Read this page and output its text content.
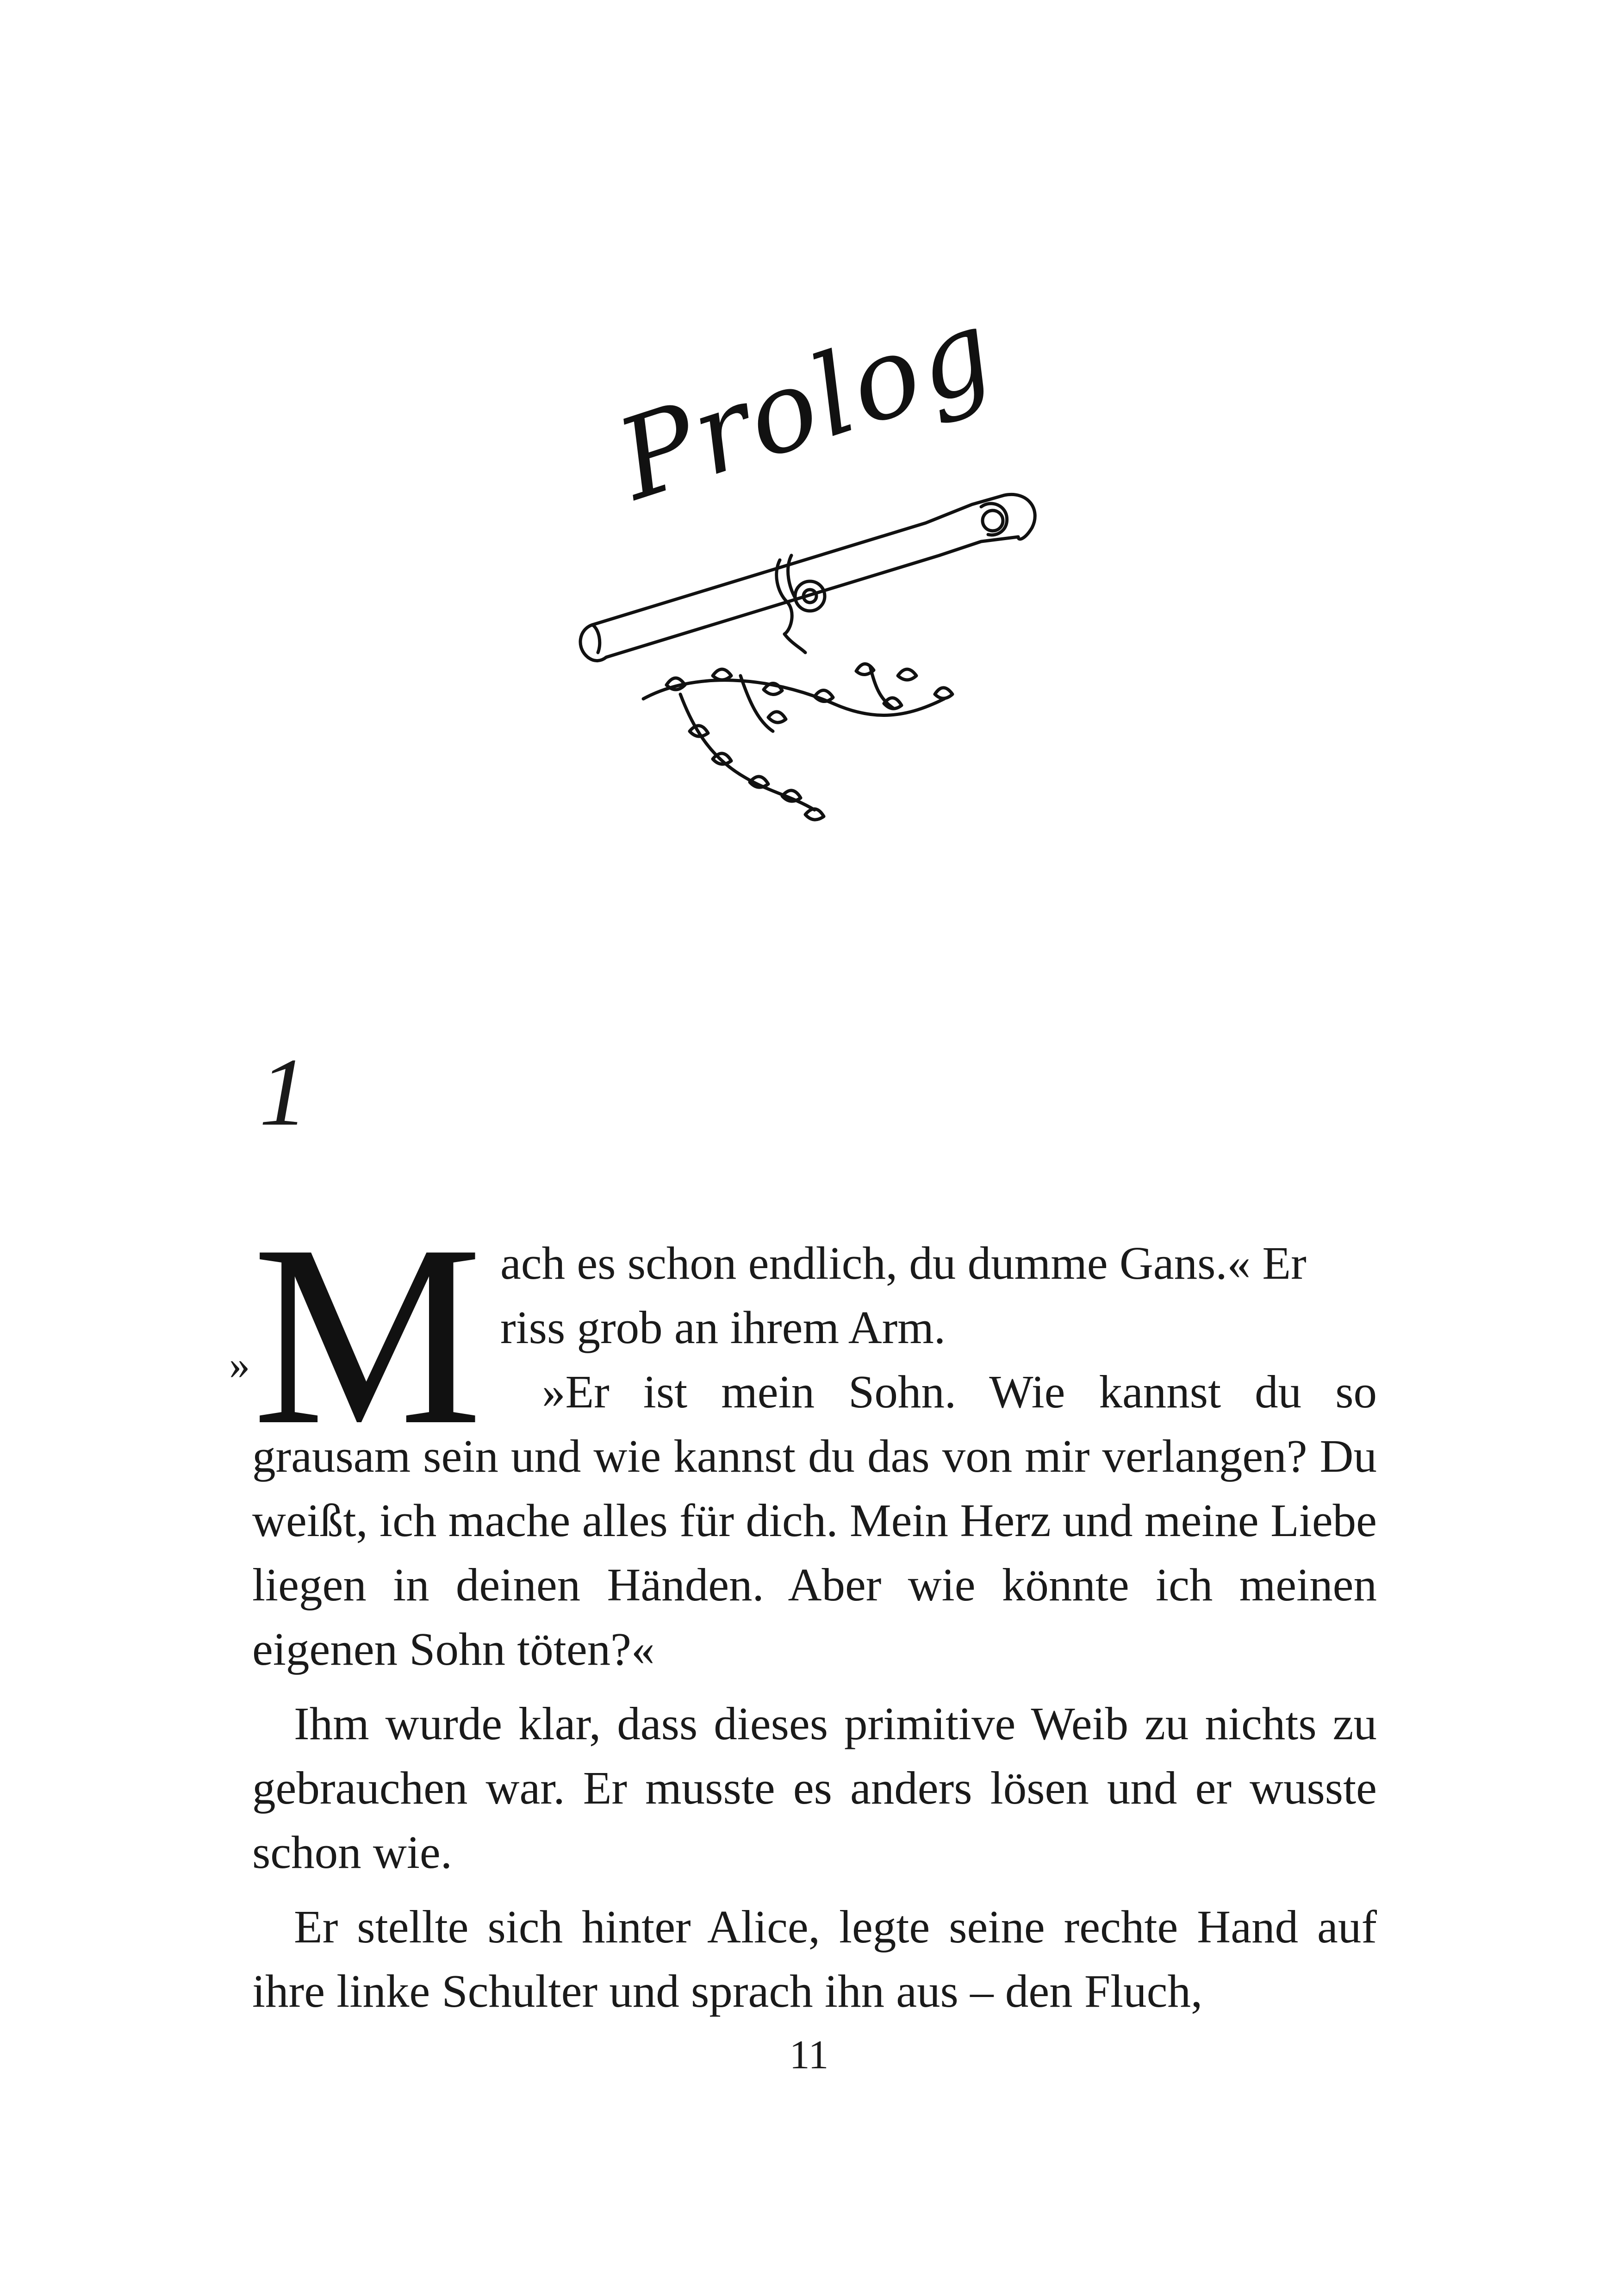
Prolog
1
» M ach es schon endlich, du dumme Gans.« Er
riss grob an ihrem Arm.

»Er ist mein Sohn. Wie kannst du so grausam sein und wie kannst du das von mir verlangen? Du weißt, ich mache alles für dich. Mein Herz und meine Liebe liegen in deinen Händen. Aber wie könnte ich meinen eigenen Sohn töten?«

Ihm wurde klar, dass dieses primitive Weib zu nichts zu gebrauchen war. Er musste es anders lösen und er wusste schon wie.

Er stellte sich hinter Alice, legte seine rechte Hand auf ihre linke Schulter und sprach ihn aus – den Fluch,

11
